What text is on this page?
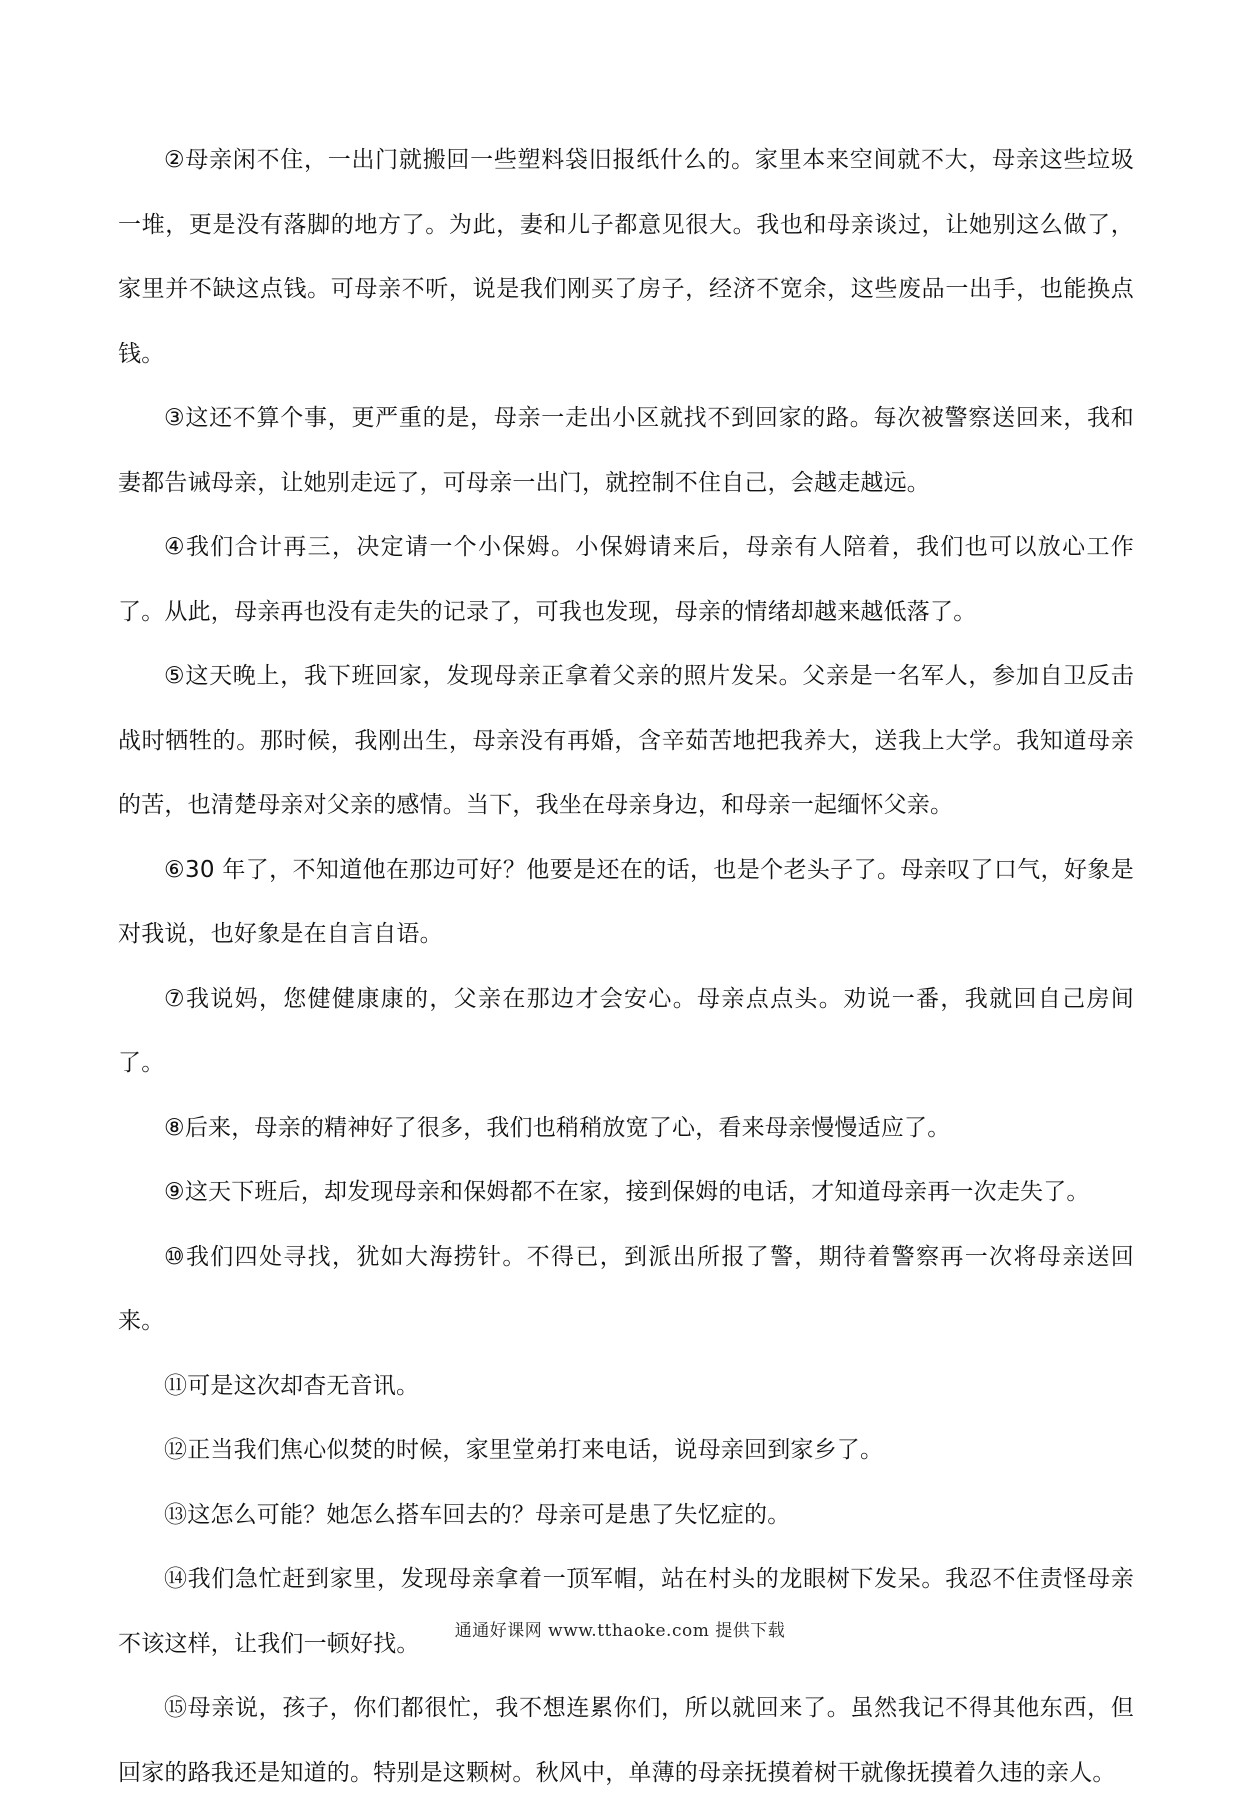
②母亲闲不住，一出门就搬回一些塑料袋旧报纸什么的。家里本来空间就不大，母亲这些垃圾一堆，更是没有落脚的地方了。为此，妻和儿子都意见很大。我也和母亲谈过，让她别这么做了，家里并不缺这点钱。可母亲不听，说是我们刚买了房子，经济不宽余，这些废品一出手，也能换点钱。

③这还不算个事，更严重的是，母亲一走出小区就找不到回家的路。每次被警察送回来，我和妻都告诫母亲，让她别走远了，可母亲一出门，就控制不住自己，会越走越远。

④我们合计再三，决定请一个小保姆。小保姆请来后，母亲有人陪着，我们也可以放心工作了。从此，母亲再也没有走失的记录了，可我也发现，母亲的情绪却越来越低落了。

⑤这天晚上，我下班回家，发现母亲正拿着父亲的照片发呆。父亲是一名军人，参加自卫反击战时牺牲的。那时候，我刚出生，母亲没有再婚，含辛茹苦地把我养大，送我上大学。我知道母亲的苦，也清楚母亲对父亲的感情。当下，我坐在母亲身边，和母亲一起缅怀父亲。

⑥30 年了，不知道他在那边可好？他要是还在的话，也是个老头子了。母亲叹了口气，好象是对我说，也好象是在自言自语。

⑦我说妈，您健健康康的，父亲在那边才会安心。母亲点点头。劝说一番，我就回自己房间了。

⑧后来，母亲的精神好了很多，我们也稍稍放宽了心，看来母亲慢慢适应了。

⑨这天下班后，却发现母亲和保姆都不在家，接到保姆的电话，才知道母亲再一次走失了。

⑩我们四处寻找，犹如大海捞针。不得已，到派出所报了警，期待着警察再一次将母亲送回来。

⑪可是这次却杳无音讯。

⑫正当我们焦心似焚的时候，家里堂弟打来电话，说母亲回到家乡了。

⑬这怎么可能？她怎么搭车回去的？母亲可是患了失忆症的。

⑭我们急忙赶到家里，发现母亲拿着一顶军帽，站在村头的龙眼树下发呆。我忍不住责怪母亲不该这样，让我们一顿好找。

⑮母亲说，孩子，你们都很忙，我不想连累你们，所以就回来了。虽然我记不得其他东西，但回家的路我还是知道的。特别是这颗树。秋风中，单薄的母亲抚摸着树干就像抚摸着久违的亲人。

通通好课网 www.tthaoke.com 提供下载
